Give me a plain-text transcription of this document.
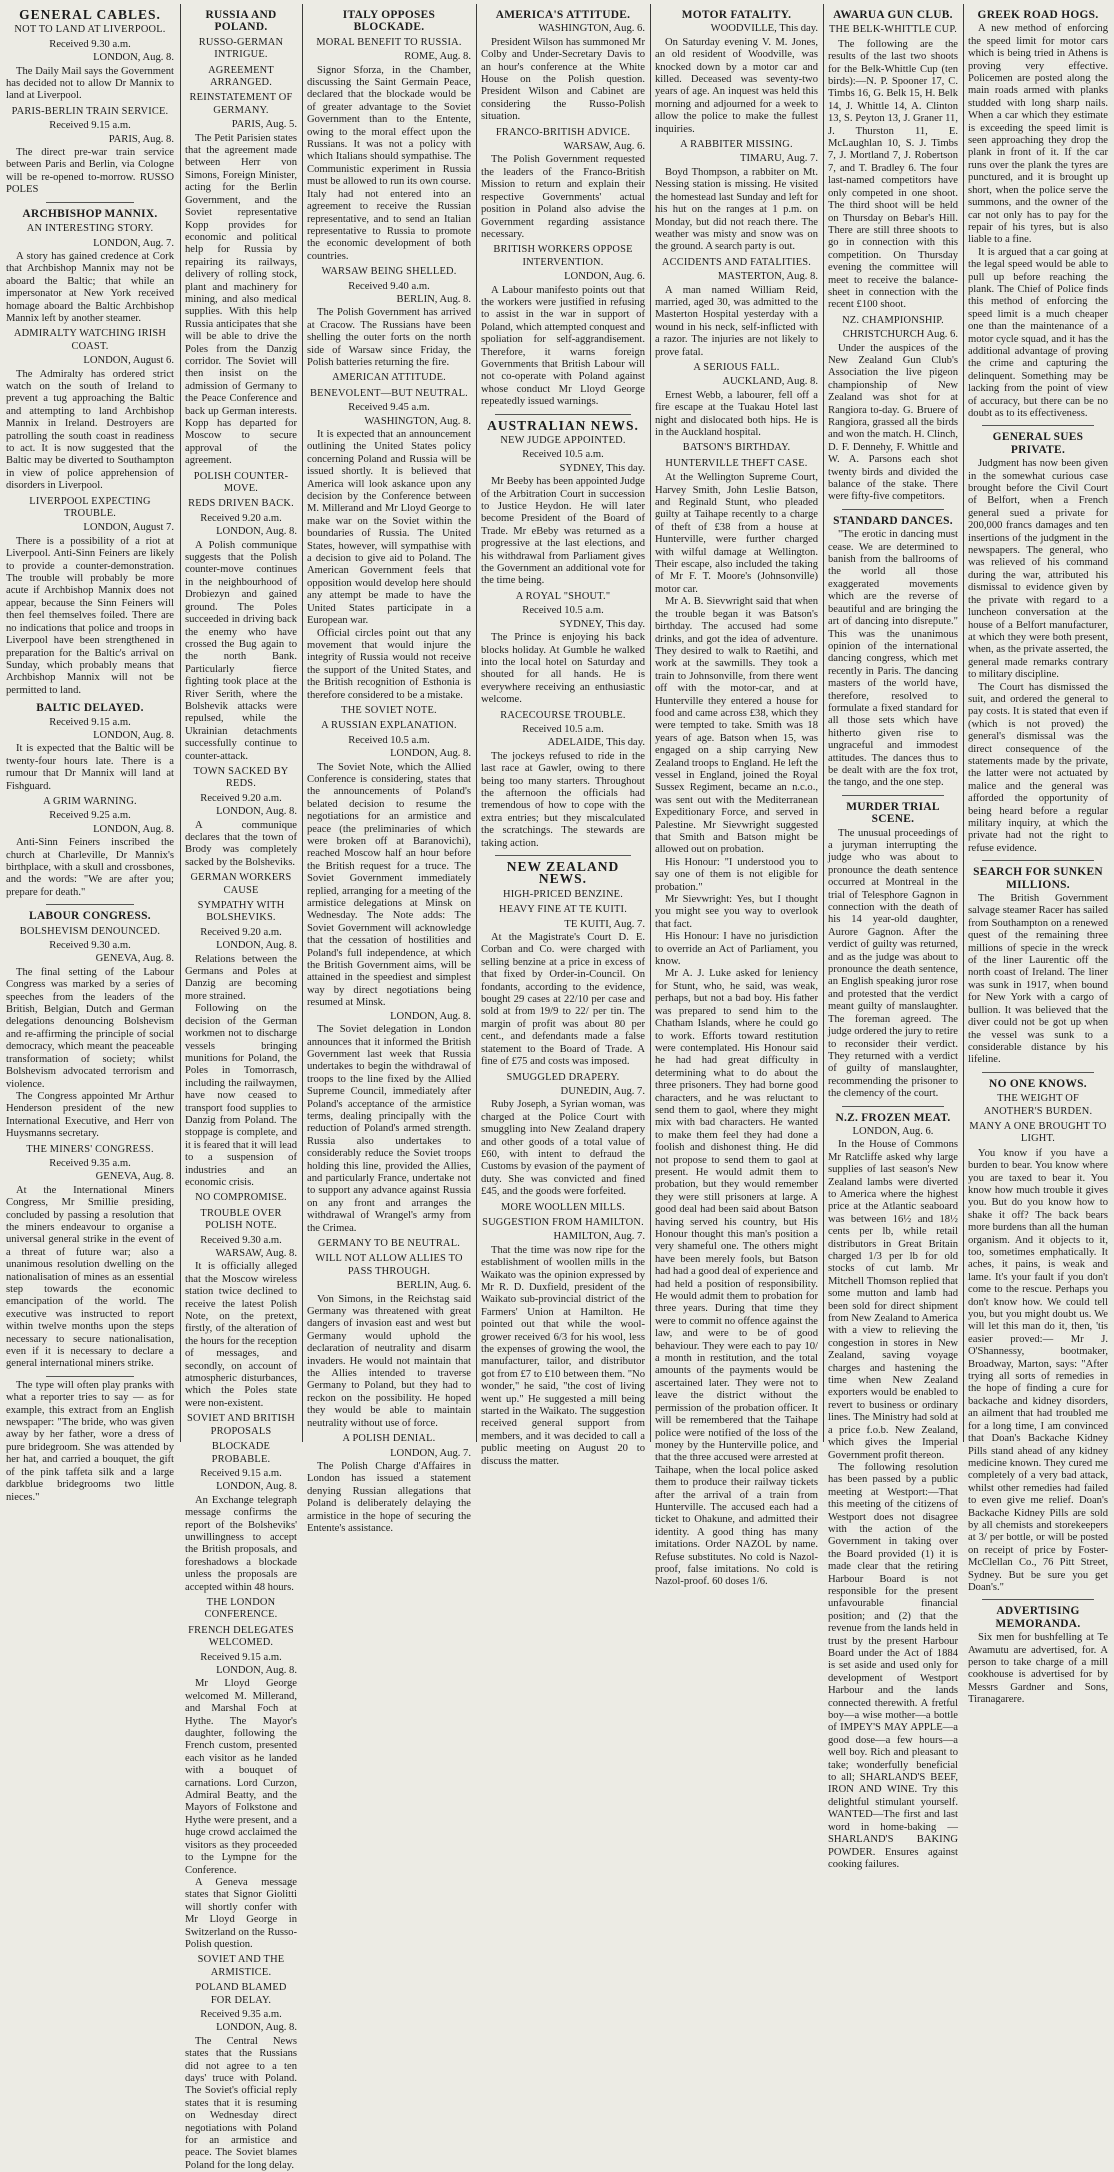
GENERAL CABLES.
NOT TO LAND AT LIVERPOOL.
Received 9.30 a.m.
LONDON, Aug. 8.

The Daily Mail says the Government has decided not to allow Dr Mannix to land at Liverpool.

PARIS-BERLIN TRAIN SERVICE.
Received 9.15 a.m.
PARIS, Aug. 8.

The direct pre-war train service between Paris and Berlin, via Cologne will be re-opened to-morrow. RUSSO POLES

ARCHBISHOP MANNIX.
AN INTERESTING STORY.
LONDON, Aug. 7.

A story has gained credence at Cork that Archbishop Mannix may not be aboard the Baltic; that while an impersonator at New York received homage aboard the Baltic Archbishop Mannix left by another steamer.

ADMIRALTY WATCHING IRISH COAST.
LONDON, August 6.

The Admiralty has ordered strict watch on the south of Ireland to prevent a tug approaching the Baltic and attempting to land Archbishop Mannix in Ireland. Destroyers are patrolling the south coast in readiness to act. It is now suggested that the Baltic may be diverted to Southampton in view of police apprehension of disorders in Liverpool.

LIVERPOOL EXPECTING TROUBLE.
LONDON, August 7.

There is a possibility of a riot at Liverpool. Anti-Sinn Feiners are likely to provide a counter-demonstration. The trouble will probably be more acute if Archbishop Mannix does not appear, because the Sinn Feiners will then feel themselves foiled. There are no indications that police and troops in Liverpool have been strengthened in preparation for the Baltic's arrival on Sunday, which probably means that Archbishop Mannix will not be permitted to land.

BALTIC DELAYED.
Received 9.15 a.m.
LONDON, Aug. 8.

It is expected that the Baltic will be twenty-four hours late. There is a rumour that Dr Mannix will land at Fishguard.

A GRIM WARNING.
Received 9.25 a.m.
LONDON, Aug. 8.

Anti-Sinn Feiners inscribed the church at Charleville, Dr Mannix's birthplace, with a skull and crossbones, and the words: "We are after you; prepare for death."

LABOUR CONGRESS.
BOLSHEVISM DENOUNCED.
Received 9.30 a.m.
GENEVA, Aug. 8.

The final setting of the Labour Congress was marked by a series of speeches from the leaders of the British, Belgian, Dutch and German delegations denouncing Bolshevism and re-affirming the principle of social democracy, which meant the peaceable transformation of society; whilst Bolshevism advocated terrorism and violence.

The Congress appointed Mr Arthur Henderson president of the new International Executive, and Herr von Huysmanns secretary.

THE MINERS' CONGRESS.
Received 9.35 a.m.
GENEVA, Aug. 8.

At the International Miners Congress, Mr Smillie presiding, concluded by passing a resolution that the miners endeavour to organise a universal general strike in the event of a threat of future war; also a unanimous resolution dwelling on the nationalisation of mines as an essential step towards the economic emancipation of the world. The executive was instructed to report within twelve months upon the steps necessary to secure nationalisation, even if it is necessary to declare a general international miners strike.

The type will often play pranks with what a reporter tries to say — as for example, this extract from an English newspaper: "The bride, who was given away by her father, wore a dress of pure bridegroom. She was attended by her hat, and carried a bouquet, the gift of the pink taffeta silk and a large darkblue bridegrooms two little nieces."

RUSSIA AND POLAND.
RUSSO-GERMAN INTRIGUE.
AGREEMENT ARRANGED.
REINSTATEMENT OF GERMANY.
PARIS, Aug. 5.

The Petit Parisien states that the agreement made between Herr von Simons, Foreign Minister, acting for the Berlin Government, and the Soviet representative Kopp provides for economic and political help for Russia by repairing its railways, delivery of rolling stock, plant and machinery for mining, and also medical supplies. With this help Russia anticipates that she will be able to drive the Poles from the Danzig corridor. The Soviet will then insist on the admission of Germany to the Peace Conference and back up German interests. Kopp has departed for Moscow to secure approval of the agreement.

POLISH COUNTER-MOVE.
REDS DRIVEN BACK.
Received 9.20 a.m.
LONDON, Aug. 8.

A Polish communique suggests that the Polish counter-move continues in the neighbourhood of Drobiezyn and gained ground. The Poles succeeded in driving back the enemy who have crossed the Bug again to the north Bank. Particularly fierce fighting took place at the River Serith, where the Bolshevik attacks were repulsed, while the Ukrainian detachments successfully continue to counter-attack.

TOWN SACKED BY REDS.
Received 9.20 a.m.
LONDON, Aug. 8.

A communique declares that the town of Brody was completely sacked by the Bolsheviks.

GERMAN WORKERS CAUSE
SYMPATHY WITH BOLSHEVIKS.
Received 9.20 a.m.
LONDON, Aug. 8.

Relations between the Germans and Poles at Danzig are becoming more strained.

Following on the decision of the German workmen not to discharge vessels bringing munitions for Poland, the Poles in Tomorrasch, including the railwaymen, have now ceased to transport food supplies to Danzig from Poland. The stoppage is complete, and it is feared that it will lead to a suspension of industries and an economic crisis.

NO COMPROMISE.
TROUBLE OVER POLISH NOTE.
Received 9.30 a.m.
WARSAW, Aug. 8.

It is officially alleged that the Moscow wireless station twice declined to receive the latest Polish Note, on the pretext, firstly, of the alteration of the hours for the reception of messages, and secondly, on account of atmospheric disturbances, which the Poles state were non-existent.

SOVIET AND BRITISH PROPOSALS
BLOCKADE PROBABLE.
Received 9.15 a.m.
LONDON, Aug. 8.

An Exchange telegraph message confirms the report of the Bolsheviks' unwillingness to accept the British proposals, and foreshadows a blockade unless the proposals are accepted within 48 hours.

THE LONDON CONFERENCE.
FRENCH DELEGATES WELCOMED.
Received 9.15 a.m.
LONDON, Aug. 8.

Mr Lloyd George welcomed M. Millerand, and Marshal Foch at Hythe. The Mayor's daughter, following the French custom, presented each visitor as he landed with a bouquet of carnations. Lord Curzon, Admiral Beatty, and the Mayors of Folkstone and Hythe were present, and a huge crowd acclaimed the visitors as they proceeded to the Lympne for the Conference.

A Geneva message states that Signor Giolitti will shortly confer with Mr Lloyd George in Switzerland on the Russo-Polish question.

SOVIET AND THE ARMISTICE.
POLAND BLAMED FOR DELAY.
Received 9.35 a.m.
LONDON, Aug. 8.

The Central News states that the Russians did not agree to a ten days' truce with Poland. The Soviet's official reply states that it is resuming on Wednesday direct negotiations with Poland for an armistice and peace. The Soviet blames Poland for the long delay.

ITALY OPPOSES BLOCKADE.
MORAL BENEFIT TO RUSSIA.
ROME, Aug. 8.

Signor Sforza, in the Chamber, discussing the Saint Germain Peace, declared that the blockade would be of greater advantage to the Soviet Government than to the Entente, owing to the moral effect upon the Russians. It was not a policy with which Italians should sympathise. The Communistic experiment in Russia must be allowed to run its own course. Italy had not entered into an agreement to receive the Russian representative, and to send an Italian representative to Russia to promote the economic development of both countries.

WARSAW BEING SHELLED.
Received 9.40 a.m.
BERLIN, Aug. 8.

The Polish Government has arrived at Cracow. The Russians have been shelling the outer forts on the north side of Warsaw since Friday, the Polish batteries returning the fire.

AMERICAN ATTITUDE.
BENEVOLENT—BUT NEUTRAL.
Received 9.45 a.m.
WASHINGTON, Aug. 8.

It is expected that an announcement outlining the United States policy concerning Poland and Russia will be issued shortly. It is believed that America will look askance upon any decision by the Conference between M. Millerand and Mr Lloyd George to make war on the Soviet within the boundaries of Russia. The United States, however, will sympathise with a decision to give aid to Poland. The American Government feels that opposition would develop here should any attempt be made to have the United States participate in a European war.

Official circles point out that any movement that would injure the integrity of Russia would not receive the support of the United States, and the British recognition of Esthonia is therefore considered to be a mistake.

THE SOVIET NOTE.
A RUSSIAN EXPLANATION.
Received 10.5 a.m.
LONDON, Aug. 8.

The Soviet Note, which the Allied Conference is considering, states that the announcements of Poland's belated decision to resume the negotiations for an armistice and peace (the preliminaries of which were broken off at Baranovichi), reached Moscow half an hour before the British request for a truce. The Soviet Government immediately replied, arranging for a meeting of the armistice delegations at Minsk on Wednesday. The Note adds: The Soviet Government will acknowledge that the cessation of hostilities and Poland's full independence, at which the British Government aims, will be attained in the speediest and simplest way by direct negotiations being resumed at Minsk.

LONDON, Aug. 8.

The Soviet delegation in London announces that it informed the British Government last week that Russia undertakes to begin the withdrawal of troops to the line fixed by the Allied Supreme Council, immediately after Poland's acceptance of the armistice terms, dealing principally with the reduction of Poland's armed strength. Russia also undertakes to considerably reduce the Soviet troops holding this line, provided the Allies, and particularly France, undertake not to support any advance against Russia on any front and arranges the withdrawal of Wrangel's army from the Crimea.

GERMANY TO BE NEUTRAL.
WILL NOT ALLOW ALLIES TO PASS THROUGH.
BERLIN, Aug. 6.

Von Simons, in the Reichstag said Germany was threatened with great dangers of invasion east and west but Germany would uphold the declaration of neutrality and disarm invaders. He would not maintain that the Allies intended to traverse Germany to Poland, but they had to reckon on the possibility. He hoped they would be able to maintain neutrality without use of force.

A POLISH DENIAL.
LONDON, Aug. 7.

The Polish Charge d'Affaires in London has issued a statement denying Russian allegations that Poland is deliberately delaying the armistice in the hope of securing the Entente's assistance.

AMERICA'S ATTITUDE.
WASHINGTON, Aug. 6.

President Wilson has summoned Mr Colby and Under-Secretary Davis to an hour's conference at the White House on the Polish question. President Wilson and Cabinet are considering the Russo-Polish situation.

FRANCO-BRITISH ADVICE.
WARSAW, Aug. 6.

The Polish Government requested the leaders of the Franco-British Mission to return and explain their respective Governments' actual position in Poland also advise the Government regarding assistance necessary.

BRITISH WORKERS OPPOSE INTERVENTION.
LONDON, Aug. 6.

A Labour manifesto points out that the workers were justified in refusing to assist in the war in support of Poland, which attempted conquest and spoliation for self-aggrandisement. Therefore, it warns foreign Governments that British Labour will not co-operate with Poland against whose conduct Mr Lloyd George repeatedly issued warnings.

AUSTRALIAN NEWS.
NEW JUDGE APPOINTED.
Received 10.5 a.m.
SYDNEY, This day.

Mr Beeby has been appointed Judge of the Arbitration Court in succession to Justice Heydon. He will later become President of the Board of Trade. Mr eBeby was returned as a progressive at the last elections, and his withdrawal from Parliament gives the Government an additional vote for the time being.

A ROYAL "SHOUT."
Received 10.5 a.m.
SYDNEY, This day.

The Prince is enjoying his back blocks holiday. At Gumble he walked into the local hotel on Saturday and shouted for all hands. He is everywhere receiving an enthusiastic welcome.

RACECOURSE TROUBLE.
Received 10.5 a.m.
ADELAIDE, This day.

The jockeys refused to ride in the last race at Gawler, owing to there being too many starters. Throughout the afternoon the officials had tremendous of how to cope with the extra entries; but they miscalculated the scratchings. The stewards are taking action.

NEW ZEALAND NEWS.
HIGH-PRICED BENZINE.
HEAVY FINE AT TE KUITI.
TE KUITI, Aug. 7.

At the Magistrate's Court D. E. Corban and Co. were charged with selling benzine at a price in excess of that fixed by Order-in-Council. On fondants, according to the evidence, bought 29 cases at 22/10 per case and sold at from 19/9 to 22/ per tin. The margin of profit was about 80 per cent., and defendants made a false statement to the Board of Trade. A fine of £75 and costs was imposed.

SMUGGLED DRAPERY.
DUNEDIN, Aug. 7.

Ruby Joseph, a Syrian woman, was charged at the Police Court with smuggling into New Zealand drapery and other goods of a total value of £60, with intent to defraud the Customs by evasion of the payment of duty. She was convicted and fined £45, and the goods were forfeited.

MORE WOOLLEN MILLS.
SUGGESTION FROM HAMILTON.
HAMILTON, Aug. 7.

That the time was now ripe for the establishment of woollen mills in the Waikato was the opinion expressed by Mr R. D. Duxfield, president of the Waikato sub-provincial district of the Farmers' Union at Hamilton. He pointed out that while the wool-grower received 6/3 for his wool, less the expenses of growing the wool, the manufacturer, tailor, and distributor got from £7 to £10 between them. "No wonder," he said, "the cost of living went up." He suggested a mill being started in the Waikato. The suggestion received general support from members, and it was decided to call a public meeting on August 20 to discuss the matter.

MOTOR FATALITY.
WOODVILLE, This day.

On Saturday evening V. M. Jones, an old resident of Woodville, was knocked down by a motor car and killed. Deceased was seventy-two years of age. An inquest was held this morning and adjourned for a week to allow the police to make the fullest inquiries.

A RABBITER MISSING.
TIMARU, Aug. 7.

Boyd Thompson, a rabbiter on Mt. Nessing station is missing. He visited the homestead last Sunday and left for his hut on the ranges at 1 p.m. on Monday, but did not reach there. The weather was misty and snow was on the ground. A search party is out.

ACCIDENTS AND FATALITIES.
MASTERTON, Aug. 8.

A man named William Reid, married, aged 30, was admitted to the Masterton Hospital yesterday with a wound in his neck, self-inflicted with a razor. The injuries are not likely to prove fatal.

A SERIOUS FALL.
AUCKLAND, Aug. 8.

Ernest Webb, a labourer, fell off a fire escape at the Tuakau Hotel last night and dislocated both hips. He is in the Auckland hospital.

BATSON'S BIRTHDAY.
HUNTERVILLE THEFT CASE.

At the Wellington Supreme Court, Harvey Smith, John Leslie Batson, and Reginald Stunt, who pleaded guilty at Taihape recently to a charge of theft of £38 from a house at Hunterville, were further charged with wilful damage at Wellington. Their escape, also included the taking of Mr F. T. Moore's (Johnsonville) motor car.

Mr A. B. Sievwright said that when the trouble began it was Batson's birthday. The accused had some drinks, and got the idea of adventure. They desired to walk to Raetihi, and work at the sawmills. They took a train to Johnsonville, from there went off with the motor-car, and at Hunterville they entered a house for food and came across £38, which they were tempted to take. Smith was 18 years of age. Batson when 15, was engaged on a ship carrying New Zealand troops to England. He left the vessel in England, joined the Royal Sussex Regiment, became an n.c.o., was sent out with the Mediterranean Expeditionary Force, and served in Palestine. Mr Sievwright suggested that Smith and Batson might be allowed out on probation.

His Honour: "I understood you to say one of them is not eligible for probation."

Mr Sievwright: Yes, but I thought you might see you way to overlook that fact.

His Honour: I have no jurisdiction to override an Act of Parliament, you know.

Mr A. J. Luke asked for leniency for Stunt, who, he said, was weak, perhaps, but not a bad boy. His father was prepared to send him to the Chatham Islands, where he could go to work. Efforts toward restitution were contemplated. His Honour said he had had great difficulty in determining what to do about the three prisoners. They had borne good characters, and he was reluctant to send them to gaol, where they might mix with bad characters. He wanted to make them feel they had done a foolish and dishonest thing. He did not propose to send them to gaol at present. He would admit them to probation, but they would remember they were still prisoners at large. A good deal had been said about Batson having served his country, but His Honour thought this man's position a very shameful one. The others might have been merely fools, but Batson had had a good deal of experience and had held a position of responsibility. He would admit them to probation for three years. During that time they were to commit no offence against the law, and were to be of good behaviour. They were each to pay 10/ a month in restitution, and the total amounts of the payments would be ascertained later. They were not to leave the district without the permission of the probation officer. It will be remembered that the Taihape police were notified of the loss of the money by the Hunterville police, and that the three accused were arrested at Taihape, when the local police asked them to produce their railway tickets after the arrival of a train from Hunterville. The accused each had a ticket to Ohakune, and admitted their identity. A good thing has many imitations. Order NAZOL by name. Refuse substitutes. No cold is Nazol-proof, false imitations. No cold is Nazol-proof. 60 doses 1/6.

AWARUA GUN CLUB.
THE BELK-WHITTLE CUP.

The following are the results of the last two shoots for the Belk-Whittle Cup (ten birds):—N. P. Spooner 17, C. Timbs 16, G. Belk 15, H. Belk 14, J. Whittle 14, A. Clinton 13, S. Peyton 13, J. Graner 11, J. Thurston 11, E. McLaughlan 10, S. J. Timbs 7, J. Mortland 7, J. Robertson 7, and T. Bradley 6. The four last-named competitors have only competed in one shoot. The third shoot will be held on Thursday on Bebar's Hill. There are still three shoots to go in connection with this competition. On Thursday evening the committee will meet to receive the balance-sheet in connection with the recent £100 shoot.

NZ. CHAMPIONSHIP.
CHRISTCHURCH Aug. 6.

Under the auspices of the New Zealand Gun Club's Association the live pigeon championship of New Zealand was shot for at Rangiora to-day. G. Bruere of Rangiora, grassed all the birds and won the match. H. Clinch, D. F. Dennehy, F. Whittle and W. A. Parsons each shot twenty birds and divided the balance of the stake. There were fifty-five competitors.

STANDARD DANCES.

"The erotic in dancing must cease. We are determined to banish from the ballrooms of the world all those exaggerated movements which are the reverse of beautiful and are bringing the art of dancing into disrepute." This was the unanimous opinion of the international dancing congress, which met recently in Paris. The dancing masters of the world have, therefore, resolved to formulate a fixed standard for all those sets which have hitherto given rise to ungraceful and immodest attitudes. The dances thus to be dealt with are the fox trot, the tango, and the one step.

MURDER TRIAL SCENE.

The unusual proceedings of a juryman interrupting the judge who was about to pronounce the death sentence occurred at Montreal in the trial of Telesphore Gagnon in connection with the death of his 14 year-old daughter, Aurore Gagnon. After the verdict of guilty was returned, and as the judge was about to pronounce the death sentence, an English speaking juror rose and protested that the verdict meant guilty of manslaughter. The foreman agreed. The judge ordered the jury to retire to reconsider their verdict. They returned with a verdict of guilty of manslaughter, recommending the prisoner to the clemency of the court.

N.Z. FROZEN MEAT.
LONDON, Aug. 6.

In the House of Commons Mr Ratcliffe asked why large supplies of last season's New Zealand lambs were diverted to America where the highest price at the Atlantic seaboard was between 16½ and 18½ cents per lb, while retail distributors in Great Britain charged 1/3 per lb for old stocks of cut lamb. Mr Mitchell Thomson replied that some mutton and lamb had been sold for direct shipment from New Zealand to America with a view to relieving the congestion in stores in New Zealand, saving voyage charges and hastening the time when New Zealand exporters would be enabled to revert to business or ordinary lines. The Ministry had sold at a price f.o.b. New Zealand, which gives the Imperial Government profit thereon.

The following resolution has been passed by a public meeting at Westport:—That this meeting of the citizens of Westport does not disagree with the action of the Government in taking over the Board provided (1) it is made clear that the retiring Harbour Board is not responsible for the present unfavourable financial position; and (2) that the revenue from the lands held in trust by the present Harbour Board under the Act of 1884 is set aside and used only for development of Westport Harbour and the lands connected therewith. A fretful boy—a wise mother—a bottle of IMPEY'S MAY APPLE—a good dose—a few hours—a well boy. Rich and pleasant to take; wonderfully beneficial to all; SHARLAND'S BEEF, IRON AND WINE. Try this delightful stimulant yourself. WANTED—The first and last word in home-baking — SHARLAND'S BAKING POWDER. Ensures against cooking failures.

GREEK ROAD HOGS.

A new method of enforcing the speed limit for motor cars which is being tried in Athens is proving very effective. Policemen are posted along the main roads armed with planks studded with long sharp nails. When a car which they estimate is exceeding the speed limit is seen approaching they drop the plank in front of it. If the car runs over the plank the tyres are punctured, and it is brought up short, when the police serve the summons, and the owner of the car not only has to pay for the repair of his tyres, but is also liable to a fine.

It is argued that a car going at the legal speed would be able to pull up before reaching the plank. The Chief of Police finds this method of enforcing the speed limit is a much cheaper one than the maintenance of a motor cycle squad, and it has the additional advantage of proving the crime and capturing the delinquent. Something may be lacking from the point of view of accuracy, but there can be no doubt as to its effectiveness.

GENERAL SUES PRIVATE.

Judgment has now been given in the somewhat curious case brought before the Civil Court of Belfort, when a French general sued a private for 200,000 francs damages and ten insertions of the judgment in the newspapers. The general, who was relieved of his command during the war, attributed his dismissal to evidence given by the private with regard to a luncheon conversation at the house of a Belfort manufacturer, at which they were both present, when, as the private asserted, the general made remarks contrary to military discipline.

The Court has dismissed the suit, and ordered the general to pay costs. It is stated that even if (which is not proved) the general's dismissal was the direct consequence of the statements made by the private, the latter were not actuated by malice and the general was afforded the opportunity of being heard before a regular military inquiry, at which the private had not the right to refuse evidence.

SEARCH FOR SUNKEN MILLIONS.

The British Government salvage steamer Racer has sailed from Southampton on a renewed quest of the remaining three millions of specie in the wreck of the liner Laurentic off the north coast of Ireland. The liner was sunk in 1917, when bound for New York with a cargo of bullion. It was believed that the diver could not be got up when the vessel was sunk to a considerable distance by his lifeline.

NO ONE KNOWS.
THE WEIGHT OF ANOTHER'S BURDEN.
MANY A ONE BROUGHT TO LIGHT.

You know if you have a burden to bear. You know where you are taxed to bear it. You know how much trouble it gives you. But do you know how to shake it off? The back bears more burdens than all the human organism. And it objects to it, too, sometimes emphatically. It aches, it pains, is weak and lame. It's your fault if you don't come to the rescue. Perhaps you don't know how. We could tell you, but you might doubt us. We will let this man do it, then, 'tis easier proved:— Mr J. O'Shannessy, bootmaker, Broadway, Marton, says: "After trying all sorts of remedies in the hope of finding a cure for backache and kidney disorders, an ailment that had troubled me for a long time, I am convinced that Doan's Backache Kidney Pills stand ahead of any kidney medicine known. They cured me completely of a very bad attack, whilst other remedies had failed to even give me relief. Doan's Backache Kidney Pills are sold by all chemists and storekeepers at 3/ per bottle, or will be posted on receipt of price by Foster-McClellan Co., 76 Pitt Street, Sydney. But be sure you get Doan's."

ADVERTISING MEMORANDA.

Six men for bushfelling at Te Awamutu are advertised, for. A person to take charge of a mill cookhouse is advertised for by Messrs Gardner and Sons, Tiranagarere.
